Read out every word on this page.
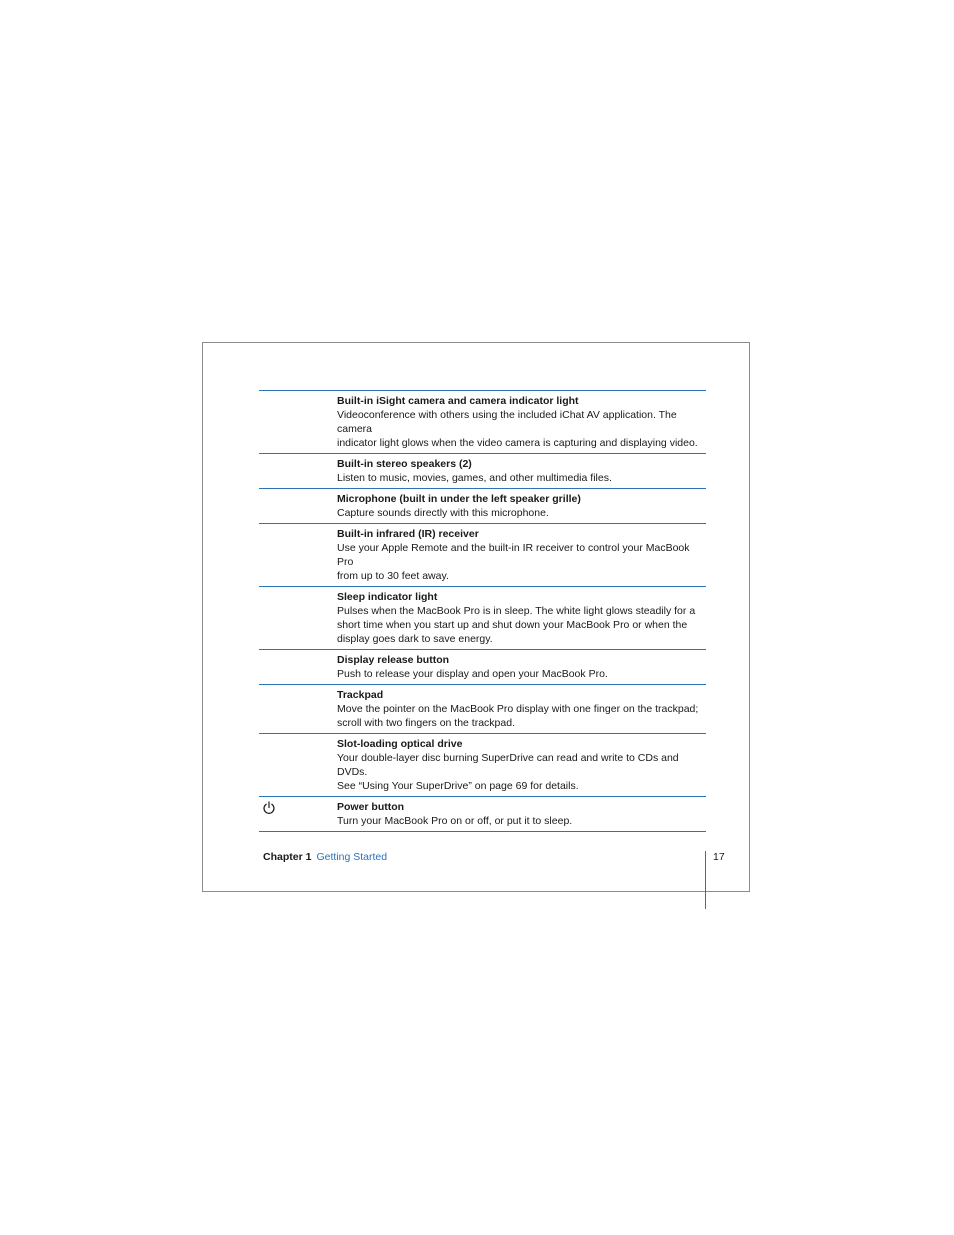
Built-in iSight camera and camera indicator light
Videoconference with others using the included iChat AV application. The camera
indicator light glows when the video camera is capturing and displaying video.
Built-in stereo speakers (2)
Listen to music, movies, games, and other multimedia files.
Microphone (built in under the left speaker grille)
Capture sounds directly with this microphone.
Built-in infrared (IR) receiver
Use your Apple Remote and the built-in IR receiver to control your MacBook Pro
from up to 30 feet away.
Sleep indicator light
Pulses when the MacBook Pro is in sleep. The white light glows steadily for a
short time when you start up and shut down your MacBook Pro or when the
display goes dark to save energy.
Display release button
Push to release your display and open your MacBook Pro.
Trackpad
Move the pointer on the MacBook Pro display with one finger on the trackpad;
scroll with two fingers on the trackpad.
Slot-loading optical drive
Your double-layer disc burning SuperDrive can read and write to CDs and DVDs.
See “Using Your SuperDrive” on page 69 for details.
Power button
Turn your MacBook Pro on or off, or put it to sleep.
Chapter 1 Getting Started	17
